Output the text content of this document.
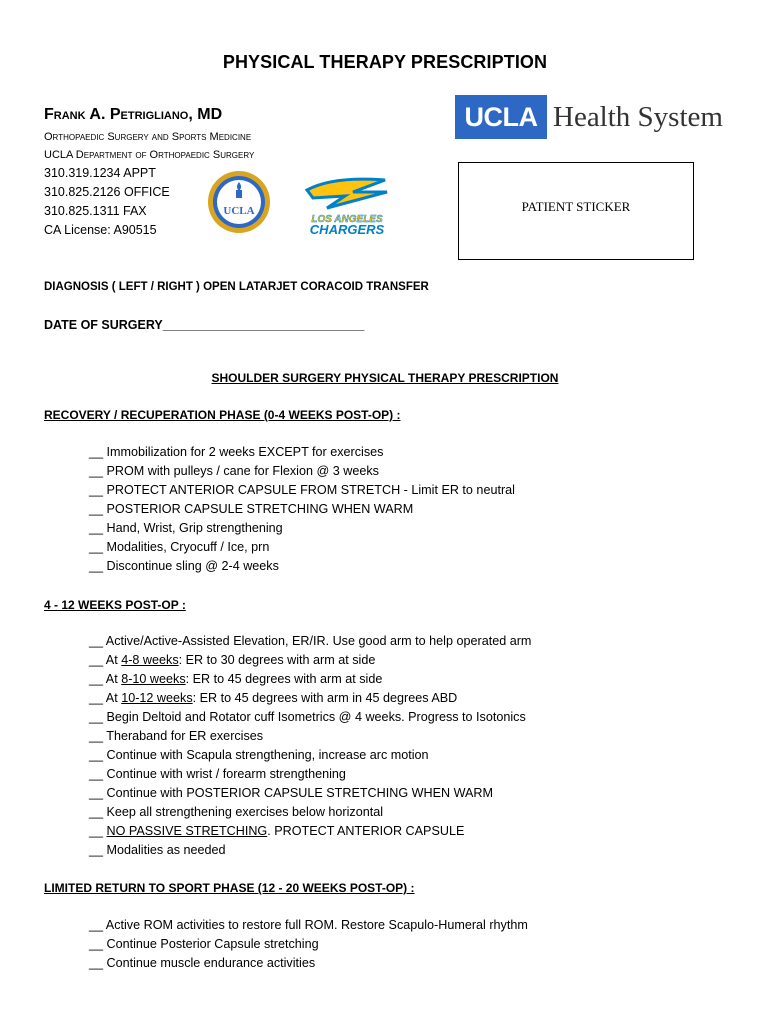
PHYSICAL THERAPY PRESCRIPTION
Frank A. Petrigliano, MD
Orthopaedic Surgery and Sports Medicine
UCLA Department of Orthopaedic Surgery
310.319.1234 APPT
310.825.2126 OFFICE
310.825.1311 FAX
CA License: A90515
UCLA Health System
PATIENT STICKER
UCLA
LOS ANGELES
CHARGERS
DIAGNOSIS ( LEFT / RIGHT ) OPEN LATARJET CORACOID TRANSFER
DATE OF SURGERY_____________________________
SHOULDER SURGERY PHYSICAL THERAPY PRESCRIPTION
RECOVERY / RECUPERATION PHASE (0-4 WEEKS POST-OP) :
__ Immobilization for 2 weeks EXCEPT for exercises
__ PROM with pulleys / cane for Flexion @ 3 weeks
__ PROTECT ANTERIOR CAPSULE FROM STRETCH - Limit ER to neutral
__ POSTERIOR CAPSULE STRETCHING WHEN WARM
__ Hand, Wrist, Grip strengthening
__ Modalities, Cryocuff / Ice, prn
__ Discontinue sling @ 2-4 weeks
4 - 12 WEEKS POST-OP :
__ Active/Active-Assisted Elevation, ER/IR. Use good arm to help operated arm
__ At 4-8 weeks: ER to 30 degrees with arm at side
__ At 8-10 weeks: ER to 45 degrees with arm at side
__ At 10-12 weeks: ER to 45 degrees with arm in 45 degrees ABD
__ Begin Deltoid and Rotator cuff Isometrics @ 4 weeks. Progress to Isotonics
__ Theraband for ER exercises
__ Continue with Scapula strengthening, increase arc motion
__ Continue with wrist / forearm strengthening
__ Continue with POSTERIOR CAPSULE STRETCHING WHEN WARM
__ Keep all strengthening exercises below horizontal
__ NO PASSIVE STRETCHING. PROTECT ANTERIOR CAPSULE
__ Modalities as needed
LIMITED RETURN TO SPORT PHASE (12 - 20 WEEKS POST-OP) :
__ Active ROM activities to restore full ROM. Restore Scapulo-Humeral rhythm
__ Continue Posterior Capsule stretching
__ Continue muscle endurance activities
